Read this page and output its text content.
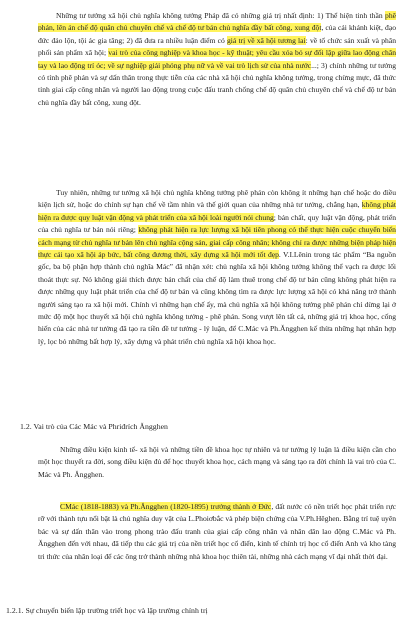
Những tư tưởng xã hội chủ nghĩa không tưởng Pháp đã có những giá trị nhất định: 1) Thể hiện tinh thần phê phán, lên án chế độ quân chủ chuyên chế và chế độ tư bản chủ nghĩa đầy bất công, xung đột, của cải khánh kiệt, đạo đức đảo lộn, tội ác gia tăng; 2) đã đưa ra nhiều luận điểm có giá trị về xã hội tương lai: về tổ chức sản xuất và phân phối sản phẩm xã hội; vai trò của công nghiệp và khoa học - kỹ thuật; yêu cầu xóa bỏ sự đối lập giữa lao động chân tay và lao động trí óc; về sự nghiệp giải phóng phụ nữ và về vai trò lịch sử của nhà nước...; 3) chính những tư tưởng có tính phê phán và sự dấn thân trong thực tiễn của các nhà xã hội chủ nghĩa không tưởng, trong chừng mực, đã thức tỉnh giai cấp công nhân và người lao động trong cuộc đấu tranh chống chế độ quân chủ chuyên chế và chế độ tư bản chủ nghĩa đầy bất công, xung đột.

Tuy nhiên, những tư tưởng xã hội chủ nghĩa không tưởng phê phán còn không ít những hạn chế hoặc do điều kiện lịch sử, hoặc do chính sự hạn chế về tầm nhìn và thế giới quan của những nhà tư tưởng, chẳng hạn, không phát hiện ra được quy luật vận động và phát triển của xã hội loài người nói chung; bản chất, quy luật vận động, phát triển của chủ nghĩa tư bản nói riêng; không phát hiện ra lực lượng xã hội tiên phong có thể thực hiện cuộc chuyển biến cách mạng từ chủ nghĩa tư bản lên chủ nghĩa cộng sản, giai cấp công nhân; không chỉ ra được những biện pháp hiện thực cải tạo xã hội áp bức, bất công đương thời, xây dựng xã hội mới tốt đẹp. V.I.Lênin trong tác phẩm “Ba nguồn gốc, ba bộ phận hợp thành chủ nghĩa Mác” đã nhận xét: chủ nghĩa xã hội không tưởng không thể vạch ra được lối thoát thực sự. Nó không giải thích được bản chất của chế độ làm thuê trong chế độ tư bản cũng không phát hiện ra được những quy luật phát triển của chế độ tư bản và cũng không tìm ra được lực lượng xã hội có khả năng trở thành người sáng tạo ra xã hội mới. Chính vì những hạn chế ấy, mà chủ nghĩa xã hội không tưởng phê phán chỉ dừng lại ở mức độ một học thuyết xã hội chủ nghĩa không tưởng - phê phán. Song vượt lên tất cả, những giá trị khoa học, cống hiến của các nhà tư tưởng đã tạo ra tiền đề tư tưởng - lý luận, để C.Mác và Ph.Ăngghen kế thừa những hạt nhân hợp lý, lọc bỏ những bất hợp lý, xây dựng và phát triển chủ nghĩa xã hội khoa học.

1.2. Vai trò của Các Mác và Phriđrích Ăngghen

Những điều kiện kinh tế- xã hội và những tiền đề khoa học tự nhiên và tư tưởng lý luận là điều kiện cần cho một học thuyết ra đời, song điều kiện đủ để học thuyết khoa học, cách mạng và sáng tạo ra đời chính là vai trò của C. Mác và Ph. Ăngghen.

CMác (1818-1883) và Ph.Ăngghen (1820-1895) trưởng thành ở Đức, đất nước có nền triết học phát triển rực rỡ với thành tựu nổi bật là chủ nghĩa duy vật của L.Phoiơbắc và phép biện chứng của V.Ph.Hêghen. Bằng trí tuệ uyên bác và sự dấn thân vào trong phong trào đấu tranh của giai cấp công nhân và nhân dân lao động C.Mác và Ph. Ăngghen đến với nhau, đã tiếp thu các giá trị của nền triết học cổ điển, kinh tế chính trị học cổ điển Anh và kho tàng tri thức của nhân loại để các ông trở thành những nhà khoa học thiên tài, những nhà cách mạng vĩ đại nhất thời đại.

1.2.1. Sự chuyển biến lập trường triết học và lập trường chính trị
